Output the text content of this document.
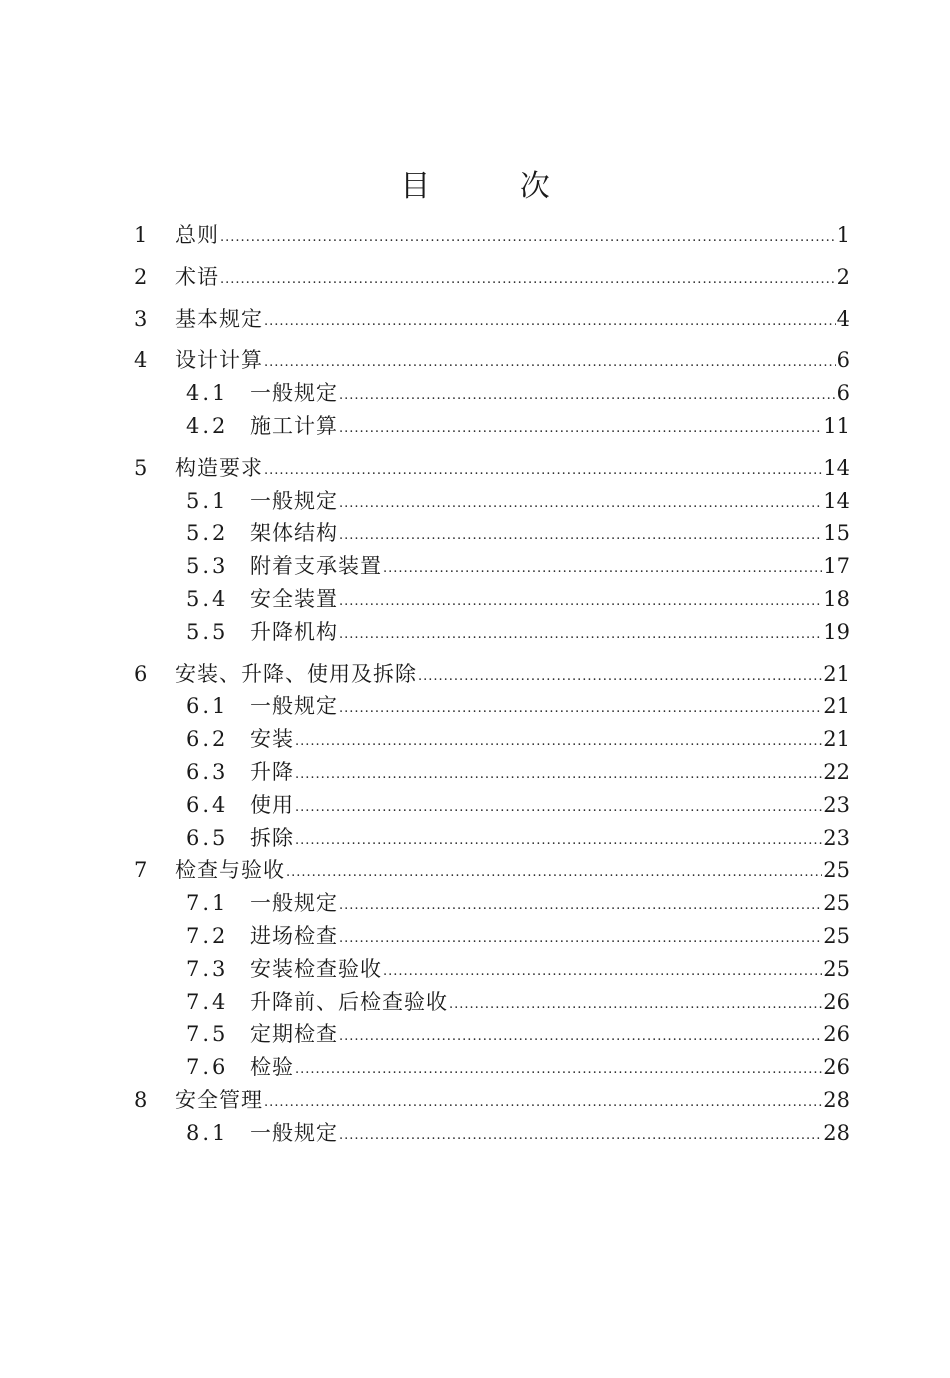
目 次
1	总则 .....	1
2	术语 .....	2
3	基本规定 .....	4
4	设计计算 .....	6
4.1	一般规定 .....	6
4.2	施工计算 .....	11
5	构造要求 .....	14
5.1	一般规定 .....	14
5.2	架体结构 .....	15
5.3	附着支承装置 .....	17
5.4	安全装置 .....	18
5.5	升降机构 .....	19
6	安装、升降、使用及拆除 .....	21
6.1	一般规定 .....	21
6.2	安装 .....	21
6.3	升降 .....	22
6.4	使用 .....	23
6.5	拆除 .....	23
7	检查与验收 .....	25
7.1	一般规定 .....	25
7.2	进场检查 .....	25
7.3	安装检查验收 .....	25
7.4	升降前、后检查验收 .....	26
7.5	定期检查 .....	26
7.6	检验 .....	26
8	安全管理 .....	28
8.1	一般规定 .....	28
